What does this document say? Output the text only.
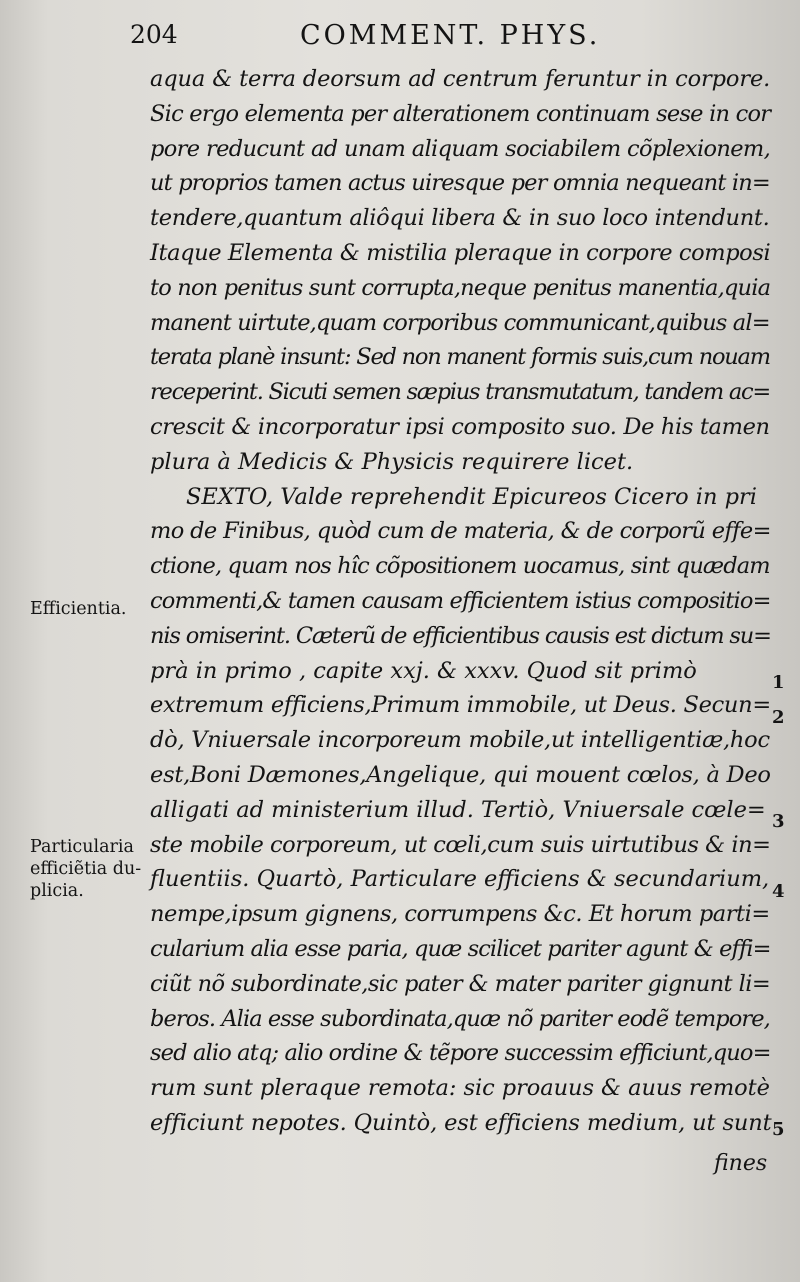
204	COMMENT. PHYS.
aqua & terra deorsum ad centrum feruntur in corpore.
Sic ergo elementa per alterationem continuam sese in cor
pore reducunt ad unam aliquam sociabilem cõplexionem,
ut proprios tamen actus uiresque per omnia nequeant in=
tendere,quantum aliôqui libera & in suo loco intendunt.
Itaque Elementa & mistilia pleraque in corpore composi
to non penitus sunt corrupta,neque penitus manentia,quia
manent uirtute,quam corporibus communicant,quibus al=
terata planè insunt: Sed non manent formis suis,cum nouam
receperint. Sicuti semen sæpius transmutatum, tandem ac=
crescit & incorporatur ipsi composito suo. De his tamen
plura à Medicis & Physicis requirere licet.
SEXTO, Valde reprehendit Epicureos Cicero in pri
mo de Finibus, quòd cum de materia, & de corporũ effe=
ctione, quam nos hîc cõpositionem uocamus, sint quædam
commenti,& tamen causam efficientem istius compositio=
nis omiserint. Cæterũ de efficientibus causis est dictum su=
prà in primo , capite xxj. & xxxv. Quod sit primò
extremum efficiens,Primum immobile, ut Deus. Secun=
dò, Vniuersale incorporeum mobile,ut intelligentiæ,hoc
est,Boni Dæmones,Angelique, qui mouent cœlos, à Deo
alligati ad ministerium illud. Tertiò, Vniuersale cœle=
ste mobile corporeum, ut cœli,cum suis uirtutibus & in=
fluentiis. Quartò, Particulare efficiens & secundarium,
nempe,ipsum gignens, corrumpens &c. Et horum parti=
cularium alia esse paria, quæ scilicet pariter agunt & effi=
ciũt nõ subordinate,sic pater & mater pariter gignunt li=
beros. Alia esse subordinata,quæ nõ pariter eodẽ tempore,
sed alio atq; alio ordine & tẽpore successim efficiunt,quo=
rum sunt pleraque remota: sic proauus & auus remotè
efficiunt nepotes. Quintò, est efficiens medium, ut sunt
Efficientia.
Particularia
efficiẽtia du-
plicia.
1
2
3
4
5
fines
